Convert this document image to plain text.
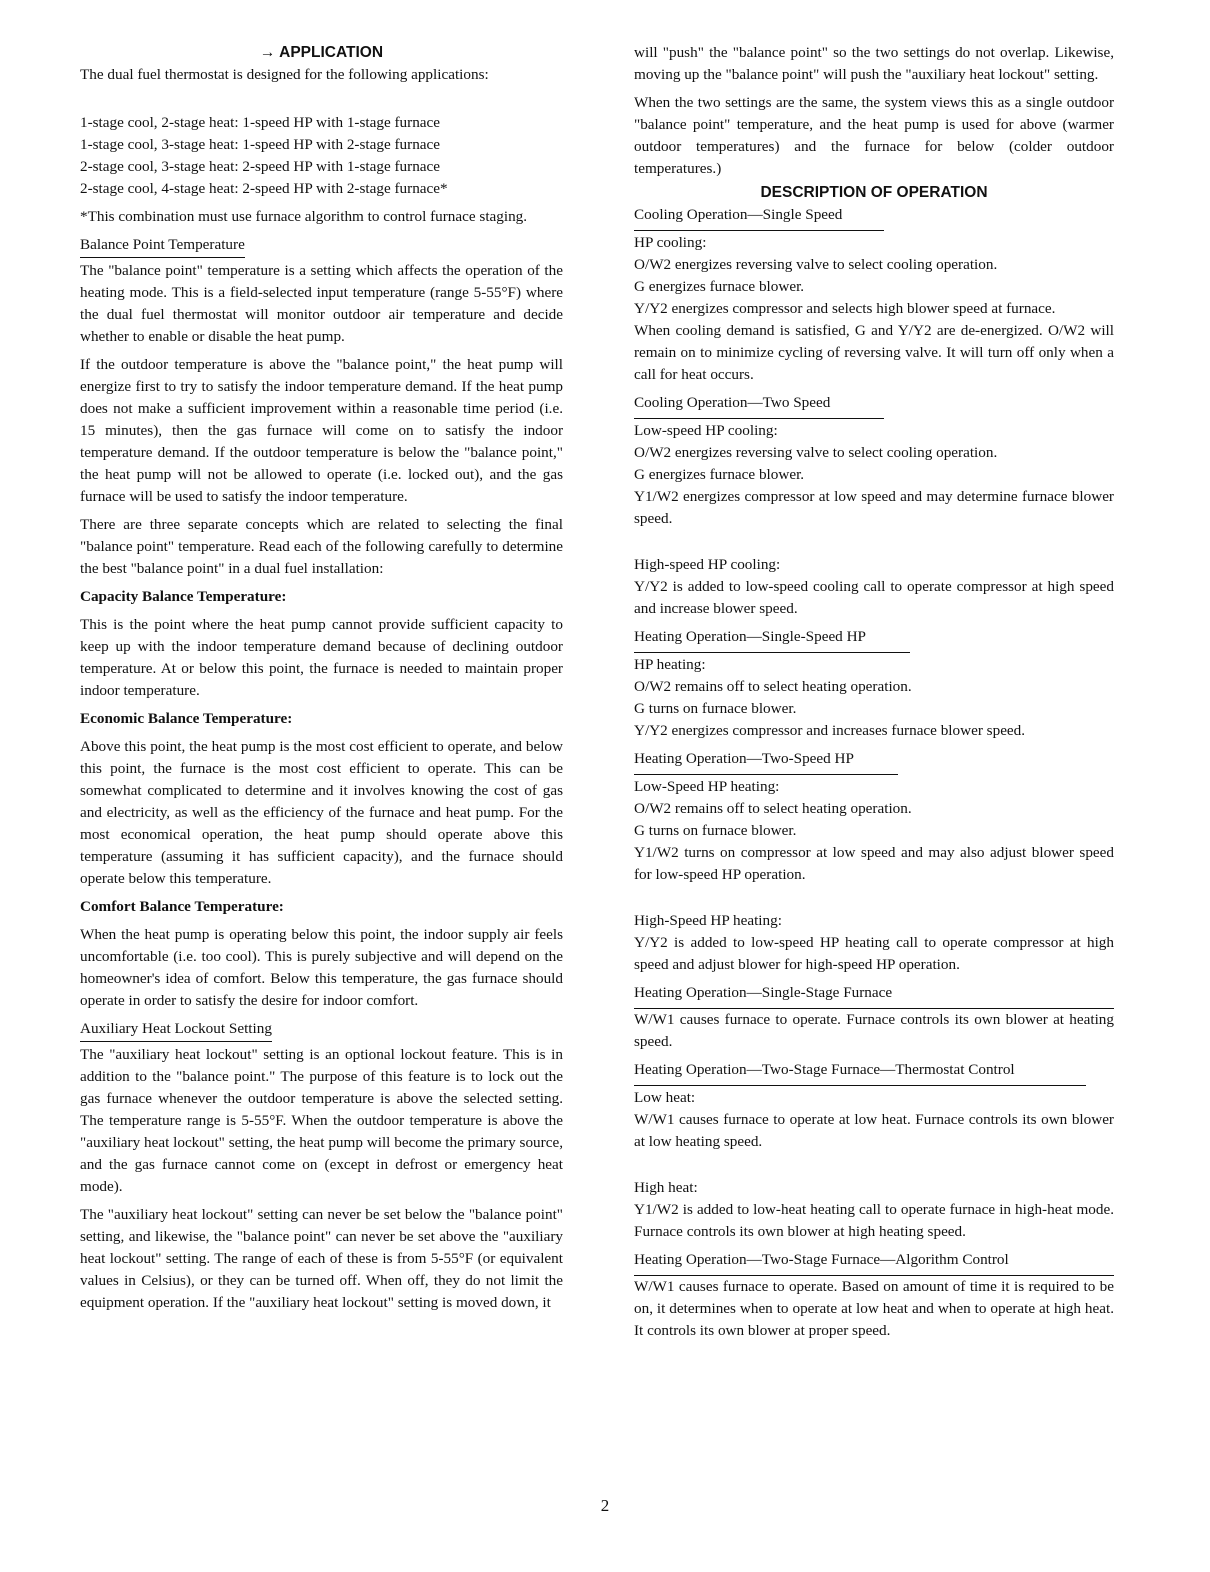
→ APPLICATION
The dual fuel thermostat is designed for the following applications:
1-stage cool, 2-stage heat: 1-speed HP with 1-stage furnace
1-stage cool, 3-stage heat: 1-speed HP with 2-stage furnace
2-stage cool, 3-stage heat: 2-speed HP with 1-stage furnace
2-stage cool, 4-stage heat: 2-speed HP with 2-stage furnace*
*This combination must use furnace algorithm to control furnace staging.
Balance Point Temperature
The "balance point" temperature is a setting which affects the operation of the heating mode. This is a field-selected input temperature (range 5-55°F) where the dual fuel thermostat will monitor outdoor air temperature and decide whether to enable or disable the heat pump.
If the outdoor temperature is above the "balance point," the heat pump will energize first to try to satisfy the indoor temperature demand. If the heat pump does not make a sufficient improvement within a reasonable time period (i.e. 15 minutes), then the gas furnace will come on to satisfy the indoor temperature demand. If the outdoor temperature is below the "balance point," the heat pump will not be allowed to operate (i.e. locked out), and the gas furnace will be used to satisfy the indoor temperature.
There are three separate concepts which are related to selecting the final "balance point" temperature. Read each of the following carefully to determine the best "balance point" in a dual fuel installation:
Capacity Balance Temperature:
This is the point where the heat pump cannot provide sufficient capacity to keep up with the indoor temperature demand because of declining outdoor temperature. At or below this point, the furnace is needed to maintain proper indoor temperature.
Economic Balance Temperature:
Above this point, the heat pump is the most cost efficient to operate, and below this point, the furnace is the most cost efficient to operate. This can be somewhat complicated to determine and it involves knowing the cost of gas and electricity, as well as the efficiency of the furnace and heat pump. For the most economical operation, the heat pump should operate above this temperature (assuming it has sufficient capacity), and the furnace should operate below this temperature.
Comfort Balance Temperature:
When the heat pump is operating below this point, the indoor supply air feels uncomfortable (i.e. too cool). This is purely subjective and will depend on the homeowner's idea of comfort. Below this temperature, the gas furnace should operate in order to satisfy the desire for indoor comfort.
Auxiliary Heat Lockout Setting
The "auxiliary heat lockout" setting is an optional lockout feature. This is in addition to the "balance point." The purpose of this feature is to lock out the gas furnace whenever the outdoor temperature is above the selected setting. The temperature range is 5-55°F. When the outdoor temperature is above the "auxiliary heat lockout" setting, the heat pump will become the primary source, and the gas furnace cannot come on (except in defrost or emergency heat mode).
The "auxiliary heat lockout" setting can never be set below the "balance point" setting, and likewise, the "balance point" can never be set above the "auxiliary heat lockout" setting. The range of each of these is from 5-55°F (or equivalent values in Celsius), or they can be turned off. When off, they do not limit the equipment operation. If the "auxiliary heat lockout" setting is moved down, it
will "push" the "balance point" so the two settings do not overlap. Likewise, moving up the "balance point" will push the "auxiliary heat lockout" setting.
When the two settings are the same, the system views this as a single outdoor "balance point" temperature, and the heat pump is used for above (warmer outdoor temperatures) and the furnace for below (colder outdoor temperatures.)
DESCRIPTION OF OPERATION
Cooling Operation—Single Speed
HP cooling:
O/W2 energizes reversing valve to select cooling operation.
G energizes furnace blower.
Y/Y2 energizes compressor and selects high blower speed at furnace.
When cooling demand is satisfied, G and Y/Y2 are de-energized. O/W2 will remain on to minimize cycling of reversing valve. It will turn off only when a call for heat occurs.
Cooling Operation—Two Speed
Low-speed HP cooling:
O/W2 energizes reversing valve to select cooling operation.
G energizes furnace blower.
Y1/W2 energizes compressor at low speed and may determine furnace blower speed.
High-speed HP cooling:
Y/Y2 is added to low-speed cooling call to operate compressor at high speed and increase blower speed.
Heating Operation—Single-Speed HP
HP heating:
O/W2 remains off to select heating operation.
G turns on furnace blower.
Y/Y2 energizes compressor and increases furnace blower speed.
Heating Operation—Two-Speed HP
Low-Speed HP heating:
O/W2 remains off to select heating operation.
G turns on furnace blower.
Y1/W2 turns on compressor at low speed and may also adjust blower speed for low-speed HP operation.
High-Speed HP heating:
Y/Y2 is added to low-speed HP heating call to operate compressor at high speed and adjust blower for high-speed HP operation.
Heating Operation—Single-Stage Furnace
W/W1 causes furnace to operate. Furnace controls its own blower at heating speed.
Heating Operation—Two-Stage Furnace—Thermostat Control
Low heat:
W/W1 causes furnace to operate at low heat. Furnace controls its own blower at low heating speed.
High heat:
Y1/W2 is added to low-heat heating call to operate furnace in high-heat mode. Furnace controls its own blower at high heating speed.
Heating Operation—Two-Stage Furnace—Algorithm Control
W/W1 causes furnace to operate. Based on amount of time it is required to be on, it determines when to operate at low heat and when to operate at high heat. It controls its own blower at proper speed.
2
